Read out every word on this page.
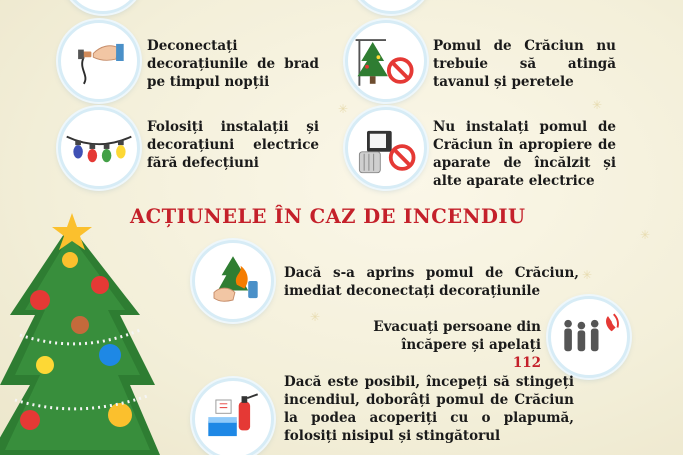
✳	✳
✳
✳
✳
Deconectați decorațiunile de brad pe timpul nopții
Pomul de Crăciun nu trebuie să atingă tavanul și peretele
Folosiți instalații și decorațiuni electrice fără defecțiuni
Nu instalați pomul de Crăciun în apropiere de aparate de încălzit și alte aparate electrice
ACȚIUNELE ÎN CAZ DE INCENDIU
Dacă s-a aprins pomul de Crăciun, imediat deconectați decorațiunile
Evacuați persoane din încăpere și apelați 112
Dacă este posibil, începeți să stingeți incendiul, doborâți pomul de Crăciun la podea acoperiți cu o plapumă, folosiți nisipul și stingătorul
